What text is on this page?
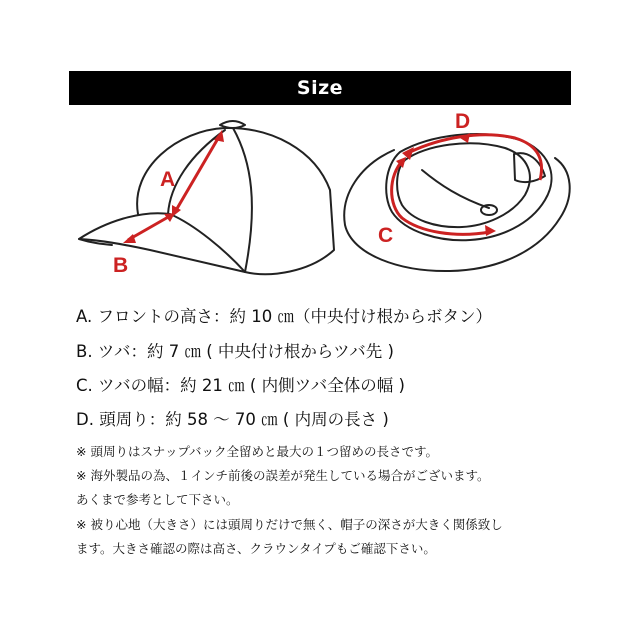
Size
A
B
C
D
A. フロントの高さ：約 10 ㎝（中央付け根からボタン）
B. ツバ：約 7 ㎝ ( 中央付け根からツバ先 )
C. ツバの幅：約 21 ㎝ ( 内側ツバ全体の幅 )
D. 頭周り：約 58 ～ 70 ㎝ ( 内周の長さ )
※ 頭周りはスナップバック全留めと最大の１つ留めの長さです。
※ 海外製品の為、１インチ前後の誤差が発生している場合がございます。
あくまで参考として下さい。
※ 被り心地（大きさ）には頭周りだけで無く、帽子の深さが大きく関係致し
ます。大きさ確認の際は高さ、クラウンタイプもご確認下さい。
